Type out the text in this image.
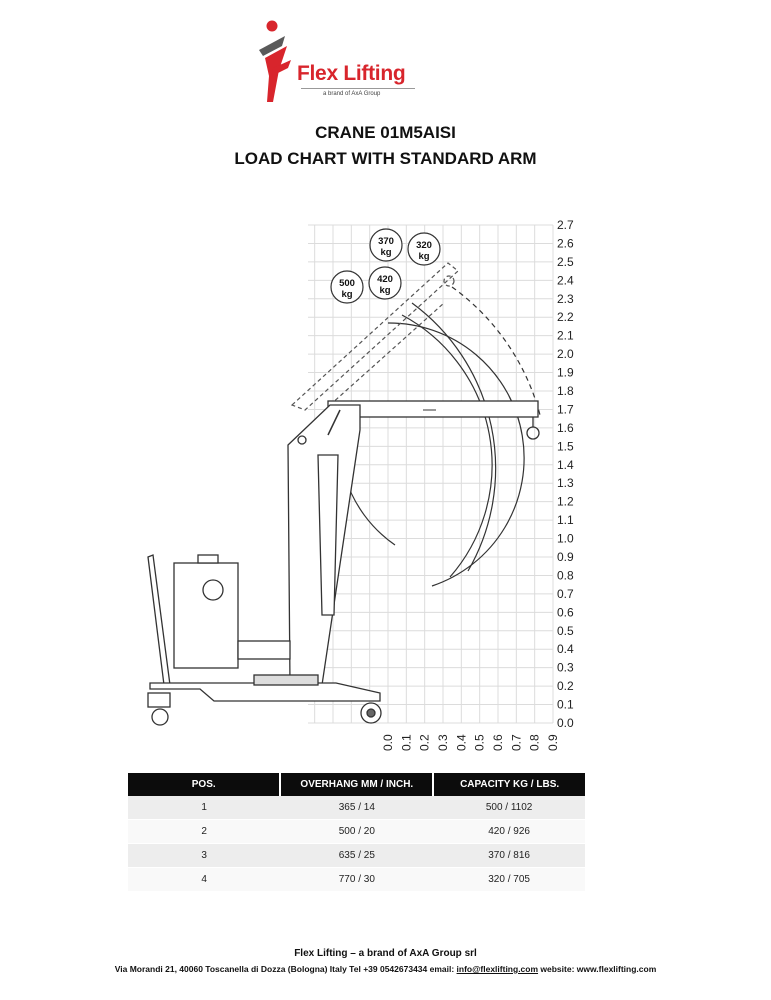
Flex Lifting
a brand of AxA Group
CRANE 01M5AISI
LOAD CHART WITH STANDARD ARM
0.0
0.1
0.2
0.3
0.4
0.5
0.6
0.7
0.8
0.9
1.0
1.1
1.2
1.3
1.4
1.5
1.6
1.7
1.8
1.9
2.0
2.1
2.2
2.3
2.4
2.5
2.6
2.7
0.0 0.1 0.2 0.3 0.4 0.5 0.6 0.7 0.8 0.9
500
kg
420
kg
370
kg
320
kg
POS.	OVERHANG MM / INCH.	CAPACITY KG / LBS.
1	365 / 14	500 / 1102
2	500 / 20	420 / 926
3	635 / 25	370 / 816
4	770 / 30	320 / 705
Flex Lifting – a brand of AxA Group srl
Via Morandi 21, 40060 Toscanella di Dozza (Bologna) Italy Tel +39 0542673434 email: info@flexlifting.com website: www.flexlifting.com
